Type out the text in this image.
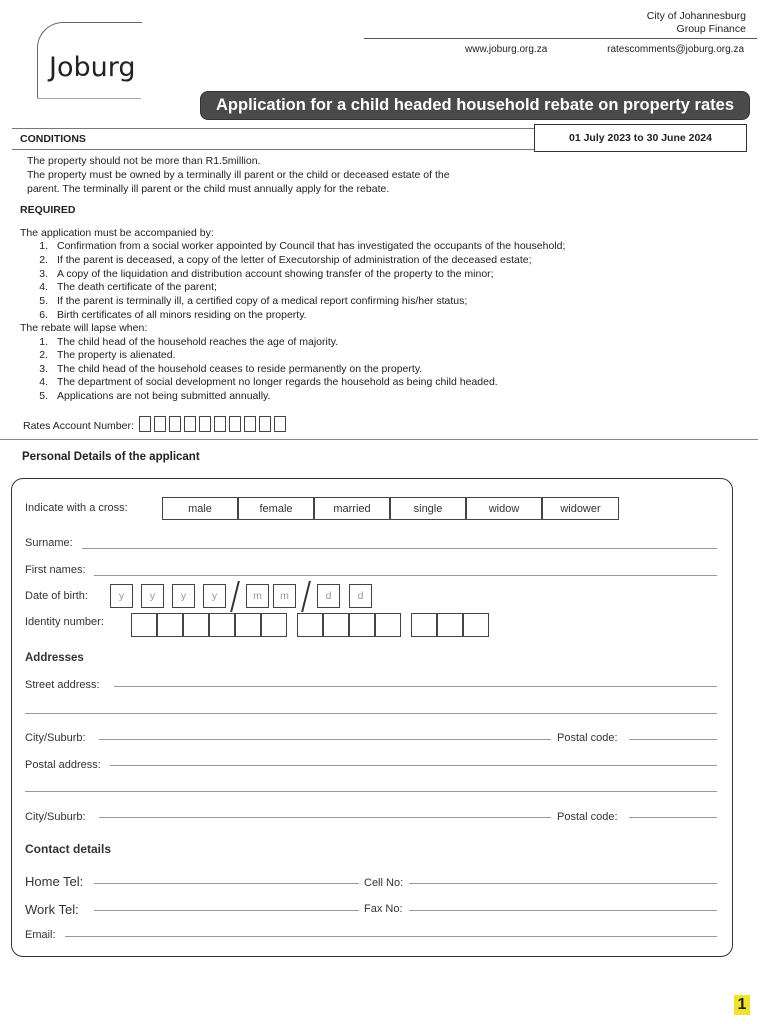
Joburg
City of Johannesburg
Group Finance
www.joburg.org.za	ratescomments@joburg.org.za
Application for a child headed household rebate on property rates
01 July 2023 to 30 June 2024
CONDITIONS
The property should not be more than R1.5million.
The property must be owned by a terminally ill parent or the child or deceased estate of the
parent. The terminally ill parent or the child must annually apply for the rebate.
REQUIRED
The application must be accompanied by:
1. Confirmation from a social worker appointed by Council that has investigated the occupants of the household;
2. If the parent is deceased, a copy of the letter of Executorship of administration of the deceased estate;
3. A copy of the liquidation and distribution account showing transfer of the property to the minor;
4. The death certificate of the parent;
5. If the parent is terminally ill, a certified copy of a medical report confirming his/her status;
6. Birth certificates of all minors residing on the property.
The rebate will lapse when:
1. The child head of the household reaches the age of majority.
2. The property is alienated.
3. The child head of the household ceases to reside permanently on the property.
4. The department of social development no longer regards the household as being child headed.
5. Applications are not being submitted annually.
Rates Account Number:
Personal Details of the applicant
Indicate with a cross:	male	female	married	single	widow	widower
Surname:
First names:
Date of birth:	y	y	y	y	m	m	d	d
Identity number:
Addresses
Street address:
City/Suburb:	Postal code:
Postal address:
City/Suburb:	Postal code:
Contact details
Home Tel:	Cell No:
Work Tel:	Fax No:
Email:
1
